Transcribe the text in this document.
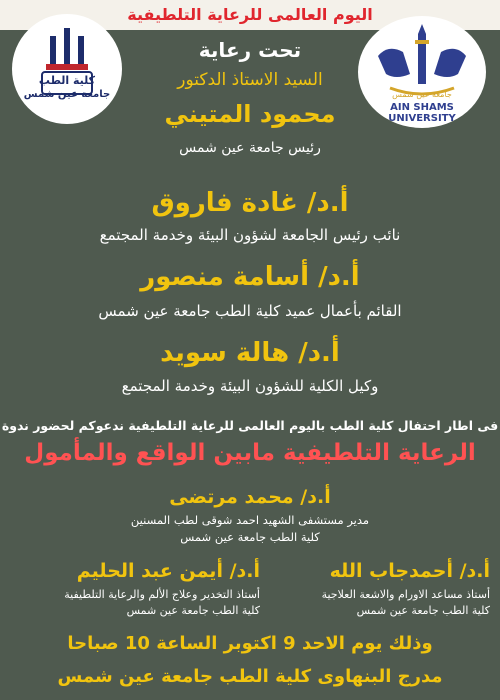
اليوم العالمى للرعاية التلطيفية
كلية الطب
جامعة عين شمس	جامعة عين شمس
AIN SHAMS UNIVERSITY
تحت رعاية
السيد الاستاذ الدكتور
محمود المتيني
رئيس جامعة عين شمس
أ.د/ غادة فاروق
نائب رئيس الجامعة لشؤون البيئة وخدمة المجتمع
أ.د/ أسامة منصور
القائم بأعمال عميد كلية الطب جامعة عين شمس
أ.د/ هالة سويد
وكيل الكلية للشؤون البيئة وخدمة المجتمع
فى اطار احتفال كلية الطب باليوم العالمى للرعاية التلطيفية ندعوكم لحضور ندوة
الرعاية التلطيفية مابين الواقع والمأمول
أ.د/ محمد مرتضى
مدير مستشفى الشهيد احمد شوقى لطب المسنين
كلية الطب جامعة عين شمس
أ.د/ أحمدجاب الله
أستاذ مساعد الاورام والاشعة العلاجية
كلية الطب جامعة عين شمس
أ.د/ أيمن عبد الحليم
أستاذ التخدير وعلاج الألم والرعاية التلطيفية
كلية الطب جامعة عين شمس
وذلك يوم الاحد 9 اكتوبر الساعة 10 صباحا
مدرج البنهاوى كلية الطب جامعة عين شمس
